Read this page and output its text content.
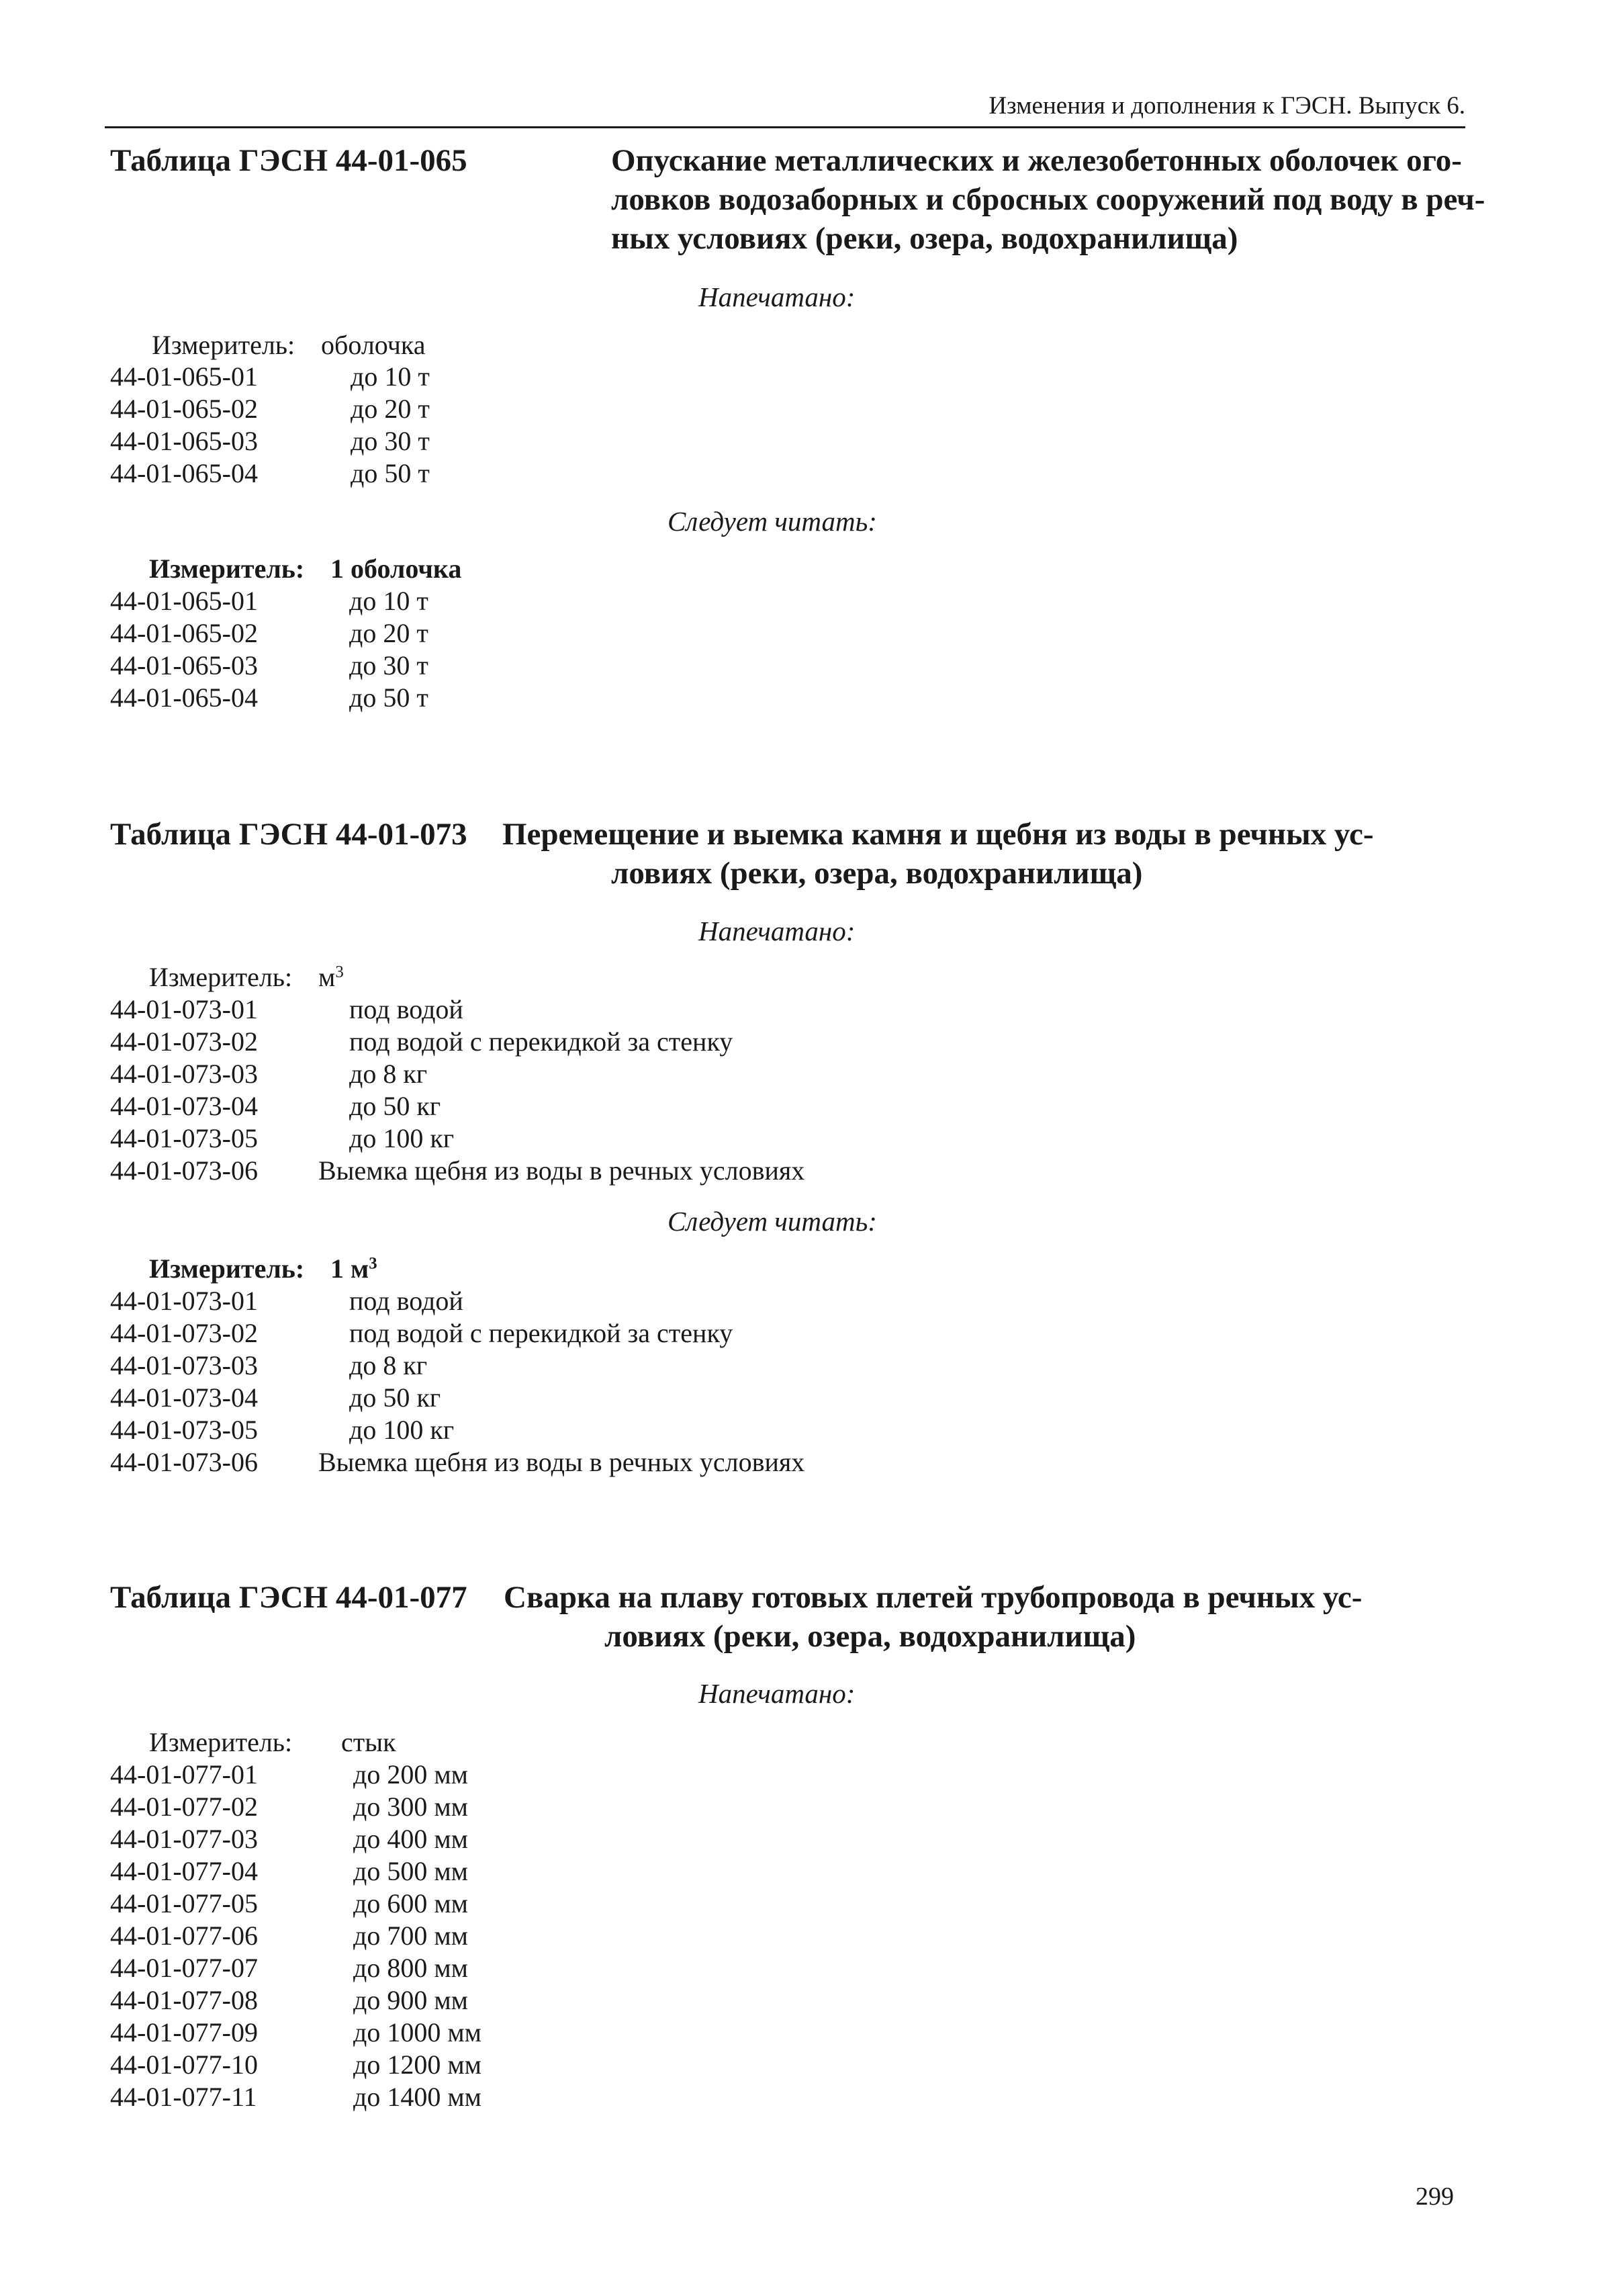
Изменения и дополнения к ГЭСН. Выпуск 6.
Таблица ГЭСН 44-01-065	Опускание металлических и железобетонных оболочек ого-
ловков водозаборных и сбросных сооружений под воду в реч-
ных условиях (реки, озера, водохранилища)
Напечатано:
Измеритель: оболочка
44-01-065-01	до 10 т
44-01-065-02	до 20 т
44-01-065-03	до 30 т
44-01-065-04	до 50 т
Следует читать:
Измеритель: 1 оболочка
44-01-065-01	до 10 т
44-01-065-02	до 20 т
44-01-065-03	до 30 т
44-01-065-04	до 50 т
Таблица ГЭСН 44-01-073 Перемещение и выемка камня и щебня из воды в речных ус-
ловиях (реки, озера, водохранилища)
Напечатано:
Измеритель: $м^3$
44-01-073-01	под водой
44-01-073-02	под водой с перекидкой за стенку
44-01-073-03	до 8 кг
44-01-073-04	до 50 кг
44-01-073-05	до 100 кг
44-01-073-06 Выемка щебня из воды в речных условиях
Следует читать:
Измеритель: 1 $м^3$
44-01-073-01	под водой
44-01-073-02	под водой с перекидкой за стенку
44-01-073-03	до 8 кг
44-01-073-04	до 50 кг
44-01-073-05	до 100 кг
44-01-073-06 Выемка щебня из воды в речных условиях
Таблица ГЭСН 44-01-077 Сварка на плаву готовых плетей трубопровода в речных ус-
ловиях (реки, озера, водохранилища)
Напечатано:
Измеритель: стык
44-01-077-01	до 200 мм
44-01-077-02	до 300 мм
44-01-077-03	до 400 мм
44-01-077-04	до 500 мм
44-01-077-05	до 600 мм
44-01-077-06	до 700 мм
44-01-077-07	до 800 мм
44-01-077-08	до 900 мм
44-01-077-09	до 1000 мм
44-01-077-10	до 1200 мм
44-01-077-11	до 1400 мм
299
